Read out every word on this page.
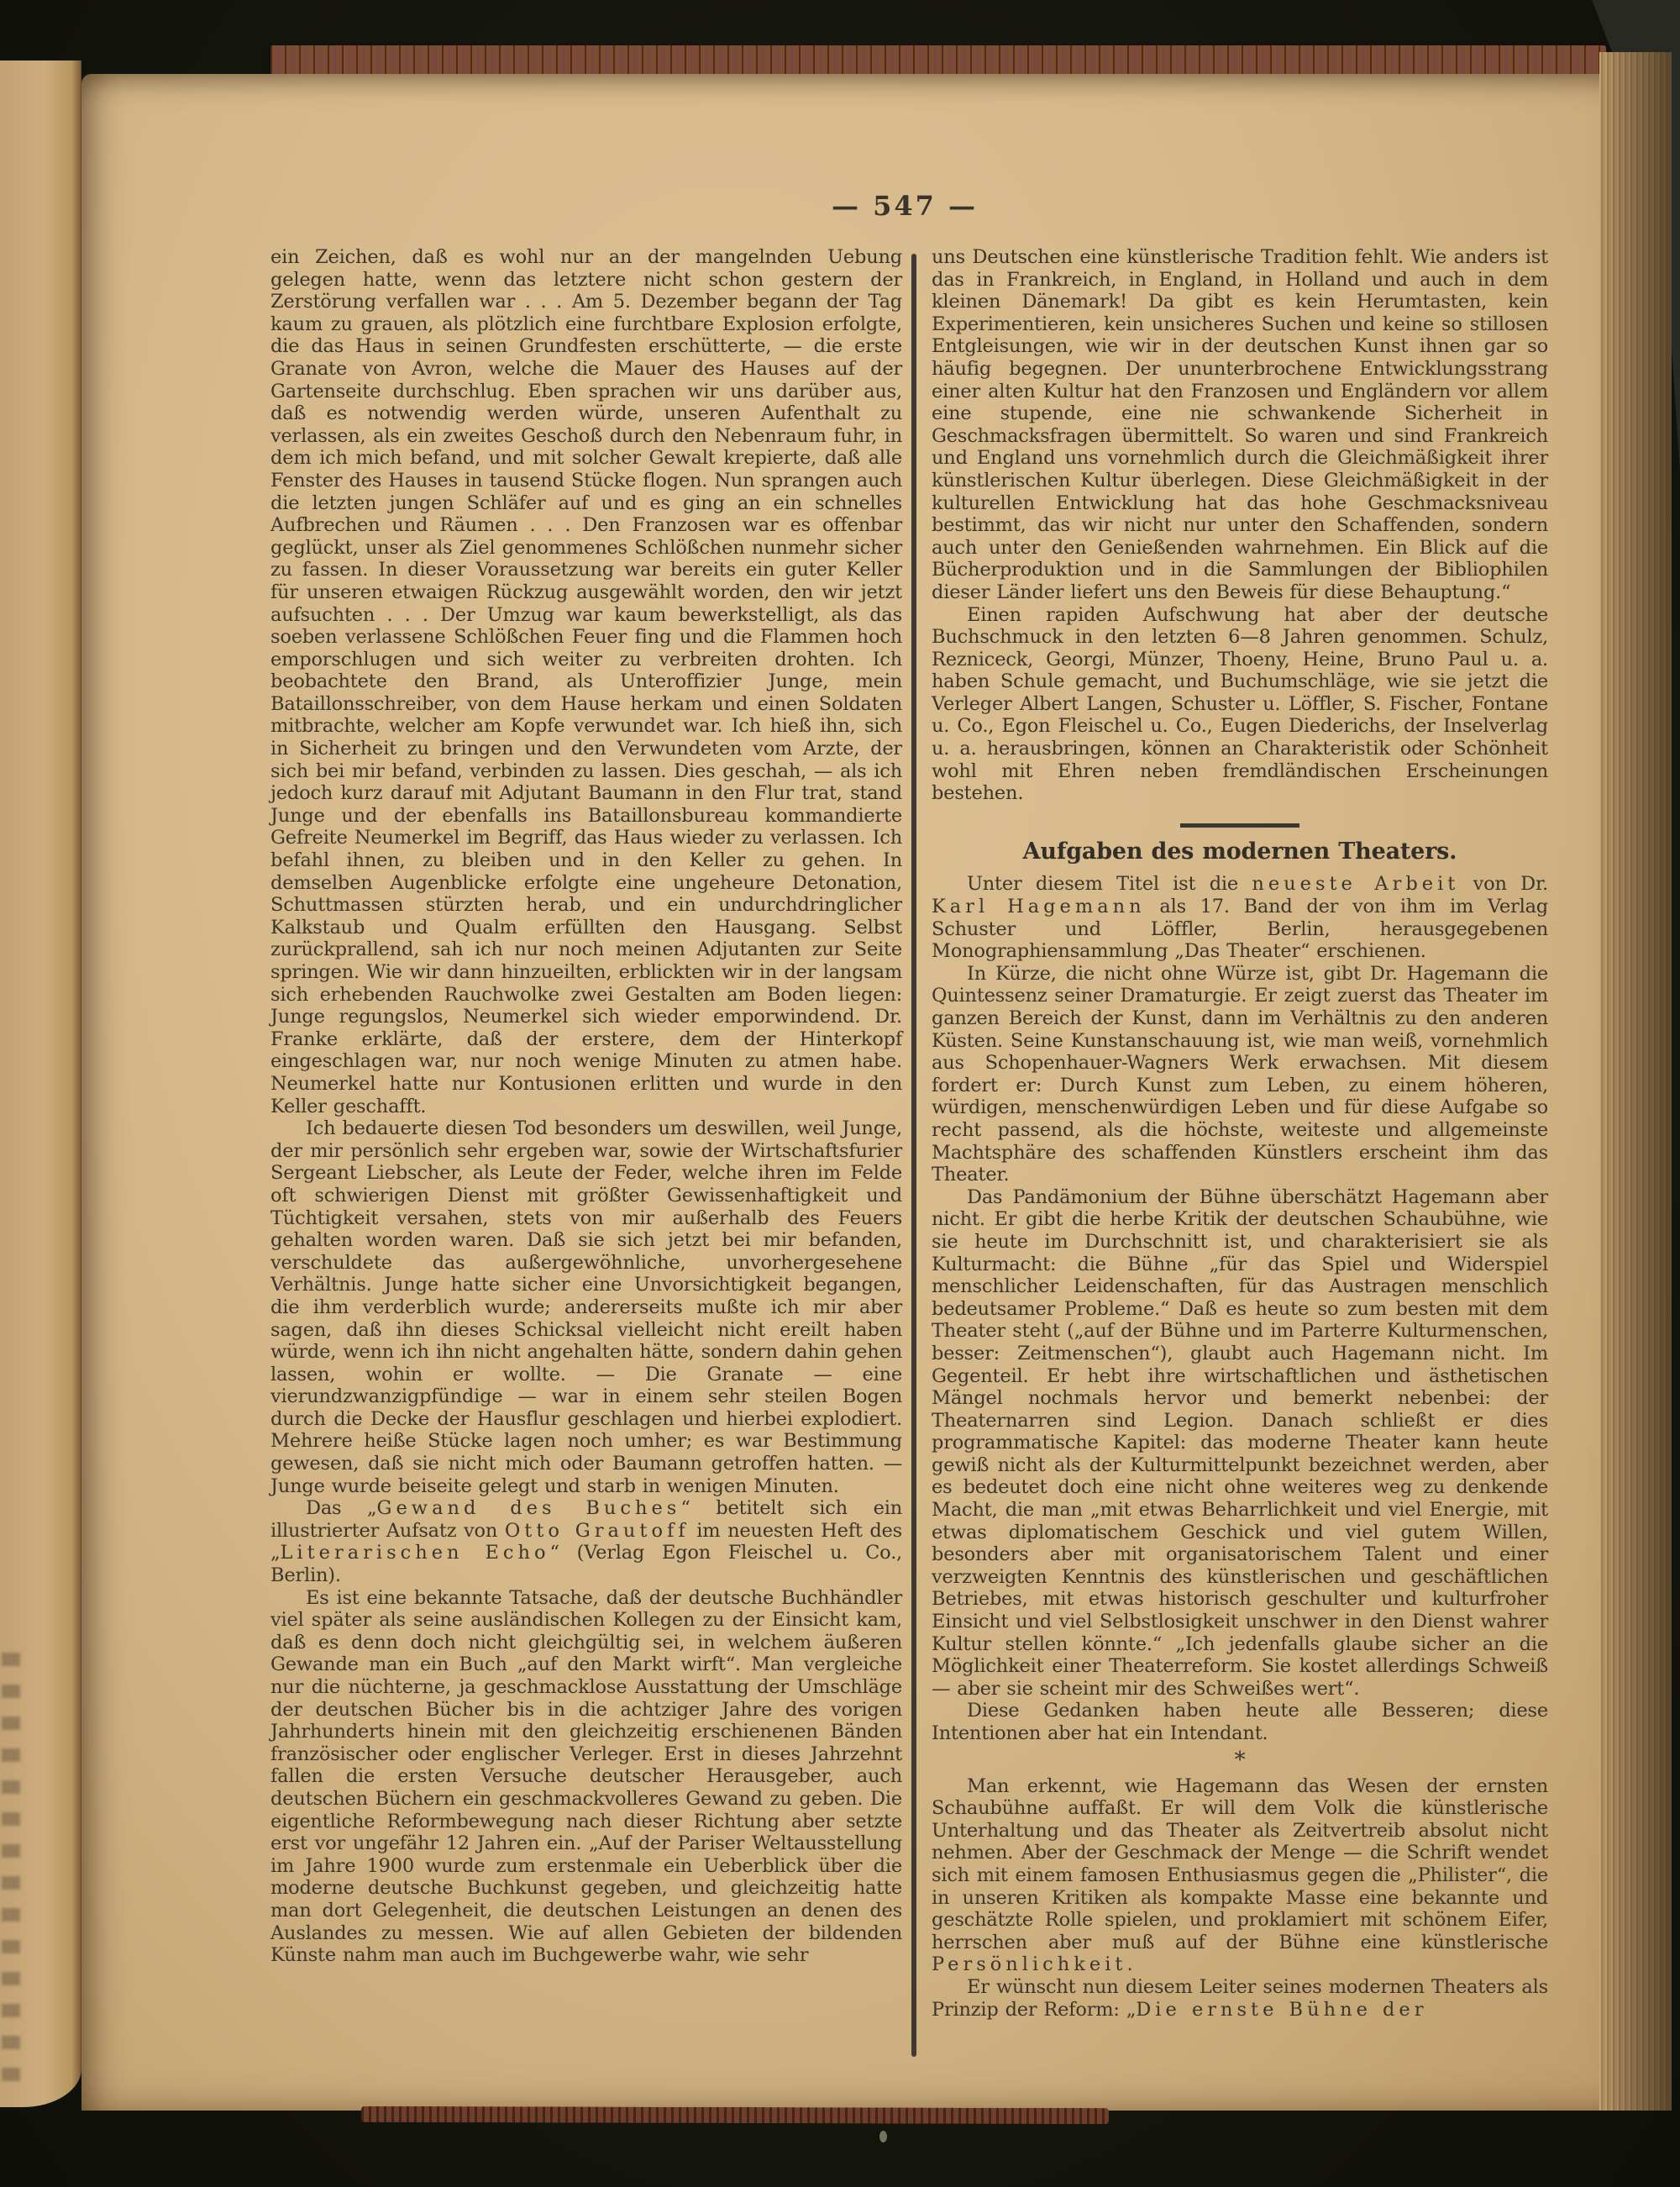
— 547 —

ein Zeichen, daß es wohl nur an der mangelnden Uebung gelegen hatte, wenn das letztere nicht schon gestern der Zerstörung verfallen war . . . Am 5. Dezember begann der Tag kaum zu grauen, als plötzlich eine furchtbare Explosion erfolgte, die das Haus in seinen Grundfesten erschütterte, — die erste Granate von Avron, welche die Mauer des Hauses auf der Gartenseite durchschlug. Eben sprachen wir uns darüber aus, daß es notwendig werden würde, unseren Aufenthalt zu verlassen, als ein zweites Geschoß durch den Nebenraum fuhr, in dem ich mich befand, und mit solcher Gewalt krepierte, daß alle Fenster des Hauses in tausend Stücke flogen. Nun sprangen auch die letzten jungen Schläfer auf und es ging an ein schnelles Aufbrechen und Räumen . . . Den Franzosen war es offenbar geglückt, unser als Ziel genommenes Schlößchen nunmehr sicher zu fassen. In dieser Voraussetzung war bereits ein guter Keller für unseren etwaigen Rückzug ausgewählt worden, den wir jetzt aufsuchten . . . Der Umzug war kaum bewerkstelligt, als das soeben verlassene Schlößchen Feuer fing und die Flammen hoch emporschlugen und sich weiter zu verbreiten drohten. Ich beobachtete den Brand, als Unteroffizier Junge, mein Bataillonsschreiber, von dem Hause herkam und einen Soldaten mitbrachte, welcher am Kopfe verwundet war. Ich hieß ihn, sich in Sicherheit zu bringen und den Verwundeten vom Arzte, der sich bei mir befand, verbinden zu lassen. Dies geschah, — als ich jedoch kurz darauf mit Adjutant Baumann in den Flur trat, stand Junge und der ebenfalls ins Bataillonsbureau kommandierte Gefreite Neumerkel im Begriff, das Haus wieder zu verlassen. Ich befahl ihnen, zu bleiben und in den Keller zu gehen. In demselben Augenblicke erfolgte eine ungeheure Detonation, Schuttmassen stürzten herab, und ein undurchdringlicher Kalkstaub und Qualm erfüllten den Hausgang. Selbst zurückprallend, sah ich nur noch meinen Adjutanten zur Seite springen. Wie wir dann hinzueilten, erblickten wir in der langsam sich erhebenden Rauchwolke zwei Gestalten am Boden liegen: Junge regungslos, Neumerkel sich wieder emporwindend. Dr. Franke erklärte, daß der erstere, dem der Hinterkopf eingeschlagen war, nur noch wenige Minuten zu atmen habe. Neumerkel hatte nur Kontusionen erlitten und wurde in den Keller geschafft.

Ich bedauerte diesen Tod besonders um deswillen, weil Junge, der mir persönlich sehr ergeben war, sowie der Wirtschaftsfurier Sergeant Liebscher, als Leute der Feder, welche ihren im Felde oft schwierigen Dienst mit größter Gewissenhaftigkeit und Tüchtigkeit versahen, stets von mir außerhalb des Feuers gehalten worden waren. Daß sie sich jetzt bei mir befanden, verschuldete das außergewöhnliche, unvorhergesehene Verhältnis. Junge hatte sicher eine Unvorsichtigkeit begangen, die ihm verderblich wurde; andererseits mußte ich mir aber sagen, daß ihn dieses Schicksal vielleicht nicht ereilt haben würde, wenn ich ihn nicht angehalten hätte, sondern dahin gehen lassen, wohin er wollte. — Die Granate — eine vierundzwanzigpfündige — war in einem sehr steilen Bogen durch die Decke der Hausflur geschlagen und hierbei explodiert. Mehrere heiße Stücke lagen noch umher; es war Bestimmung gewesen, daß sie nicht mich oder Baumann getroffen hatten. — Junge wurde beiseite gelegt und starb in wenigen Minuten.

Das „Gewand des Buches“ betitelt sich ein illustrierter Aufsatz von Otto Grautoff im neuesten Heft des „Literarischen Echo“ (Verlag Egon Fleischel u. Co., Berlin).

Es ist eine bekannte Tatsache, daß der deutsche Buchhändler viel später als seine ausländischen Kollegen zu der Einsicht kam, daß es denn doch nicht gleichgültig sei, in welchem äußeren Gewande man ein Buch „auf den Markt wirft“. Man vergleiche nur die nüchterne, ja geschmacklose Ausstattung der Umschläge der deutschen Bücher bis in die achtziger Jahre des vorigen Jahrhunderts hinein mit den gleichzeitig erschienenen Bänden französischer oder englischer Verleger. Erst in dieses Jahrzehnt fallen die ersten Versuche deutscher Herausgeber, auch deutschen Büchern ein geschmackvolleres Gewand zu geben. Die eigentliche Reformbewegung nach dieser Richtung aber setzte erst vor ungefähr 12 Jahren ein. „Auf der Pariser Weltausstellung im Jahre 1900 wurde zum erstenmale ein Ueberblick über die moderne deutsche Buchkunst gegeben, und gleichzeitig hatte man dort Gelegenheit, die deutschen Leistungen an denen des Auslandes zu messen. Wie auf allen Gebieten der bildenden Künste nahm man auch im Buchgewerbe wahr, wie sehr

uns Deutschen eine künstlerische Tradition fehlt. Wie anders ist das in Frankreich, in England, in Holland und auch in dem kleinen Dänemark! Da gibt es kein Herumtasten, kein Experimentieren, kein unsicheres Suchen und keine so stillosen Entgleisungen, wie wir in der deutschen Kunst ihnen gar so häufig begegnen. Der ununterbrochene Entwicklungsstrang einer alten Kultur hat den Franzosen und Engländern vor allem eine stupende, eine nie schwankende Sicherheit in Geschmacksfragen übermittelt. So waren und sind Frankreich und England uns vornehmlich durch die Gleichmäßigkeit ihrer künstlerischen Kultur überlegen. Diese Gleichmäßigkeit in der kulturellen Entwicklung hat das hohe Geschmacksniveau bestimmt, das wir nicht nur unter den Schaffenden, sondern auch unter den Genießenden wahrnehmen. Ein Blick auf die Bücherproduktion und in die Sammlungen der Bibliophilen dieser Länder liefert uns den Beweis für diese Behauptung.“

Einen rapiden Aufschwung hat aber der deutsche Buchschmuck in den letzten 6—8 Jahren genommen. Schulz, Rezniceck, Georgi, Münzer, Thoeny, Heine, Bruno Paul u. a. haben Schule gemacht, und Buchumschläge, wie sie jetzt die Verleger Albert Langen, Schuster u. Löffler, S. Fischer, Fontane u. Co., Egon Fleischel u. Co., Eugen Diederichs, der Inselverlag u. a. herausbringen, können an Charakteristik oder Schönheit wohl mit Ehren neben fremdländischen Erscheinungen bestehen.

Aufgaben des modernen Theaters.

Unter diesem Titel ist die neueste Arbeit von Dr. Karl Hagemann als 17. Band der von ihm im Verlag Schuster und Löffler, Berlin, herausgegebenen Monographiensammlung „Das Theater“ erschienen.

In Kürze, die nicht ohne Würze ist, gibt Dr. Hagemann die Quintessenz seiner Dramaturgie. Er zeigt zuerst das Theater im ganzen Bereich der Kunst, dann im Verhältnis zu den anderen Küsten. Seine Kunstanschauung ist, wie man weiß, vornehmlich aus Schopenhauer-Wagners Werk erwachsen. Mit diesem fordert er: Durch Kunst zum Leben, zu einem höheren, würdigen, menschenwürdigen Leben und für diese Aufgabe so recht passend, als die höchste, weiteste und allgemeinste Machtsphäre des schaffenden Künstlers erscheint ihm das Theater.

Das Pandämonium der Bühne überschätzt Hagemann aber nicht. Er gibt die herbe Kritik der deutschen Schaubühne, wie sie heute im Durchschnitt ist, und charakterisiert sie als Kulturmacht: die Bühne „für das Spiel und Widerspiel menschlicher Leidenschaften, für das Austragen menschlich bedeutsamer Probleme.“ Daß es heute so zum besten mit dem Theater steht („auf der Bühne und im Parterre Kulturmenschen, besser: Zeitmenschen“), glaubt auch Hagemann nicht. Im Gegenteil. Er hebt ihre wirtschaftlichen und ästhetischen Mängel nochmals hervor und bemerkt nebenbei: der Theaternarren sind Legion. Danach schließt er dies programmatische Kapitel: das moderne Theater kann heute gewiß nicht als der Kulturmittelpunkt bezeichnet werden, aber es bedeutet doch eine nicht ohne weiteres weg zu denkende Macht, die man „mit etwas Beharrlichkeit und viel Energie, mit etwas diplomatischem Geschick und viel gutem Willen, besonders aber mit organisatorischem Talent und einer verzweigten Kenntnis des künstlerischen und geschäftlichen Betriebes, mit etwas historisch geschulter und kulturfroher Einsicht und viel Selbstlosigkeit unschwer in den Dienst wahrer Kultur stellen könnte.“ „Ich jedenfalls glaube sicher an die Möglichkeit einer Theaterreform. Sie kostet allerdings Schweiß — aber sie scheint mir des Schweißes wert“.

Diese Gedanken haben heute alle Besseren; diese Intentionen aber hat ein Intendant.

*

Man erkennt, wie Hagemann das Wesen der ernsten Schaubühne auffaßt. Er will dem Volk die künstlerische Unterhaltung und das Theater als Zeitvertreib absolut nicht nehmen. Aber der Geschmack der Menge — die Schrift wendet sich mit einem famosen Enthusiasmus gegen die „Philister“, die in unseren Kritiken als kompakte Masse eine bekannte und geschätzte Rolle spielen, und proklamiert mit schönem Eifer, herrschen aber muß auf der Bühne eine künstlerische Persönlichkeit.

Er wünscht nun diesem Leiter seines modernen Theaters als Prinzip der Reform: „Die ernste Bühne der
